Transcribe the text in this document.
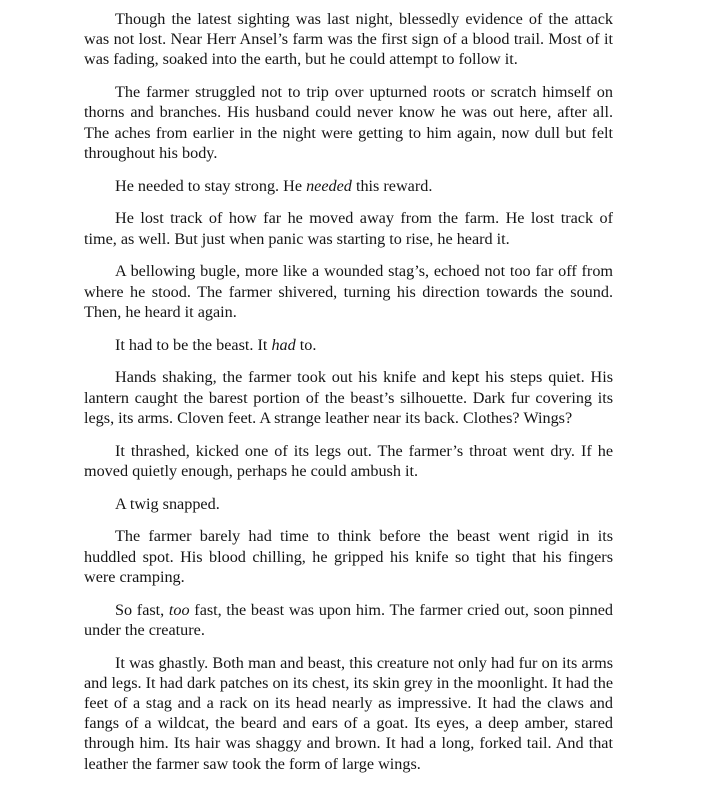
Though the latest sighting was last night, blessedly evidence of the attack was not lost. Near Herr Ansel’s farm was the first sign of a blood trail. Most of it was fading, soaked into the earth, but he could attempt to follow it.

The farmer struggled not to trip over upturned roots or scratch himself on thorns and branches. His husband could never know he was out here, after all. The aches from earlier in the night were getting to him again, now dull but felt throughout his body.

He needed to stay strong. He needed this reward.

He lost track of how far he moved away from the farm. He lost track of time, as well. But just when panic was starting to rise, he heard it.

A bellowing bugle, more like a wounded stag’s, echoed not too far off from where he stood. The farmer shivered, turning his direction towards the sound. Then, he heard it again.

It had to be the beast. It had to.

Hands shaking, the farmer took out his knife and kept his steps quiet. His lantern caught the barest portion of the beast’s silhouette. Dark fur covering its legs, its arms. Cloven feet. A strange leather near its back. Clothes? Wings?

It thrashed, kicked one of its legs out. The farmer’s throat went dry. If he moved quietly enough, perhaps he could ambush it.

A twig snapped.

The farmer barely had time to think before the beast went rigid in its huddled spot. His blood chilling, he gripped his knife so tight that his fingers were cramping.

So fast, too fast, the beast was upon him. The farmer cried out, soon pinned under the creature.

It was ghastly. Both man and beast, this creature not only had fur on its arms and legs. It had dark patches on its chest, its skin grey in the moonlight. It had the feet of a stag and a rack on its head nearly as impressive. It had the claws and fangs of a wildcat, the beard and ears of a goat. Its eyes, a deep amber, stared through him. Its hair was shaggy and brown. It had a long, forked tail. And that leather the farmer saw took the form of large wings.
